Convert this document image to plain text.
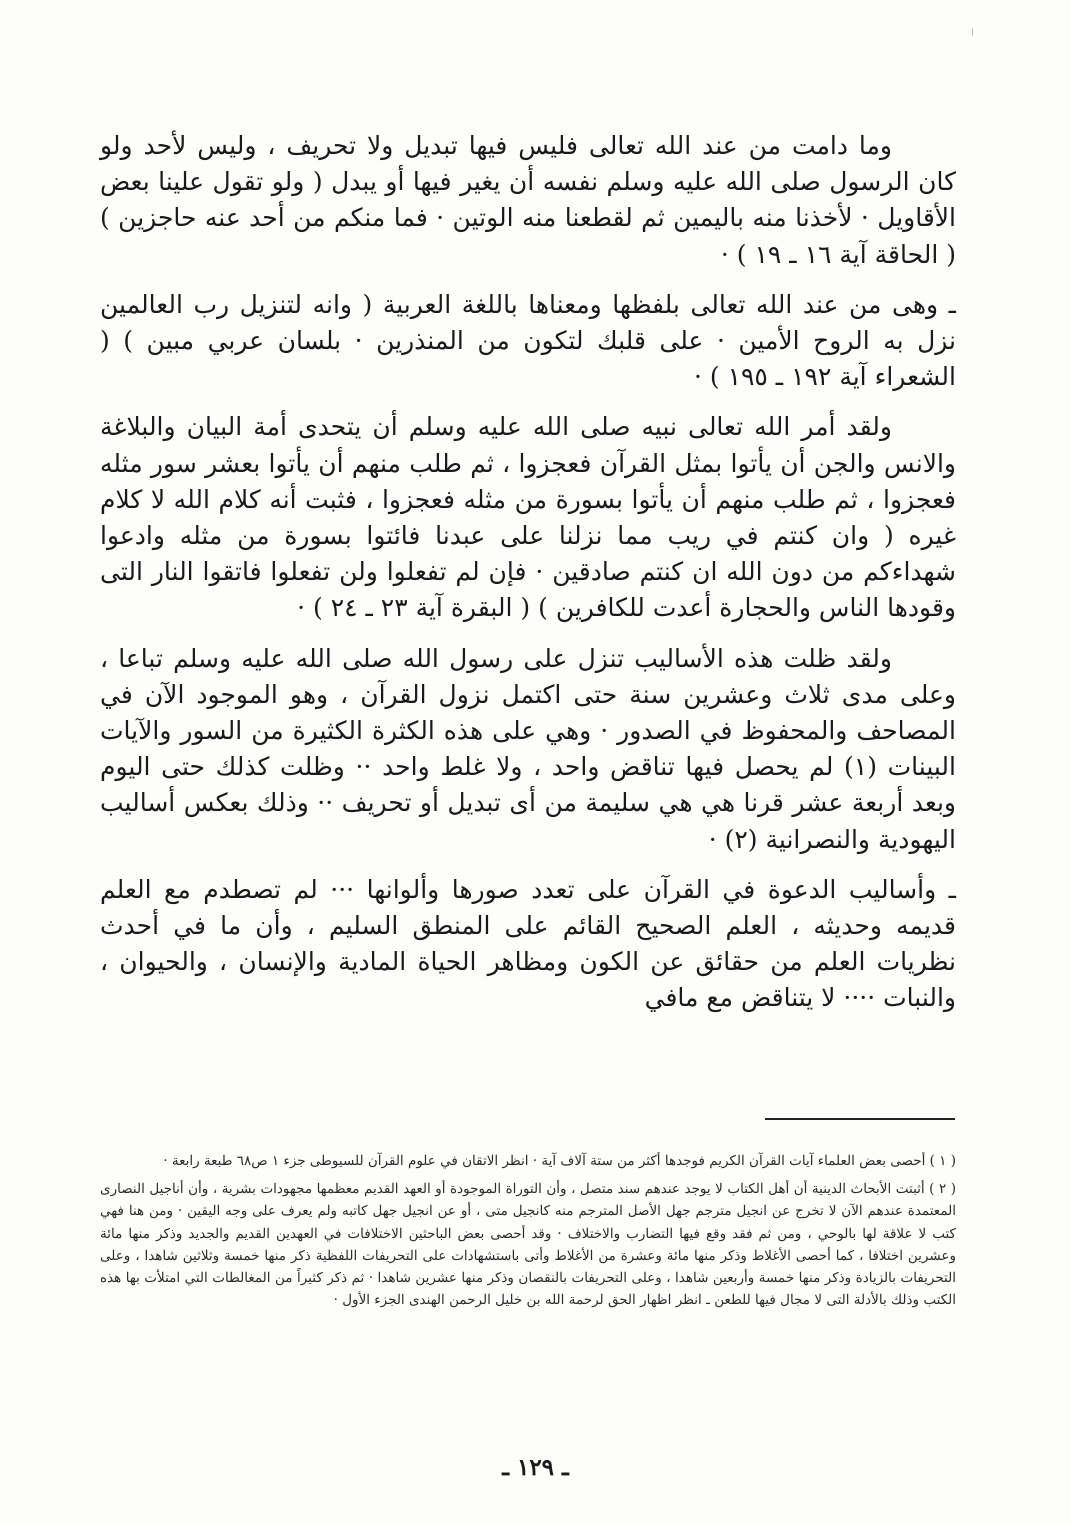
وما دامت من عند الله تعالى فليس فيها تبديل ولا تحريف ، وليس لأحد ولو كان الرسول صلى الله عليه وسلم نفسه أن يغير فيها أو يبدل ( ولو تقول علينا بعض الأقاويل · لأخذنا منه باليمين ثم لقطعنا منه الوتين · فما منكم من أحد عنه حاجزين ) ( الحاقة آية ١٦ ـ ١٩ ) ·

ـ وهى من عند الله تعالى بلفظها ومعناها باللغة العربية ( وانه لتنزيل رب العالمين نزل به الروح الأمين · على قلبك لتكون من المنذرين · بلسان عربي مبين ) ( الشعراء آية ١٩٢ ـ ١٩٥ ) ·

ولقد أمر الله تعالى نبيه صلى الله عليه وسلم أن يتحدى أمة البيان والبلاغة والانس والجن أن يأتوا بمثل القرآن فعجزوا ، ثم طلب منهم أن يأتوا بعشر سور مثله فعجزوا ، ثم طلب منهم أن يأتوا بسورة من مثله فعجزوا ، فثبت أنه كلام الله لا كلام غيره ( وان كنتم في ريب مما نزلنا على عبدنا فائتوا بسورة من مثله وادعوا شهداءكم من دون الله ان كنتم صادقين · فإن لم تفعلوا ولن تفعلوا فاتقوا النار التى وقودها الناس والحجارة أعدت للكافرين ) ( البقرة آية ٢٣ ـ ٢٤ ) ·

ولقد ظلت هذه الأساليب تنزل على رسول الله صلى الله عليه وسلم تباعا ، وعلى مدى ثلاث وعشرين سنة حتى اكتمل نزول القرآن ، وهو الموجود الآن في المصاحف والمحفوظ في الصدور · وهي على هذه الكثرة الكثيرة من السور والآيات البينات (١) لم يحصل فيها تناقض واحد ، ولا غلط واحد ·· وظلت كذلك حتى اليوم وبعد أربعة عشر قرنا هي هي سليمة من أى تبديل أو تحريف ·· وذلك بعكس أساليب اليهودية والنصرانية (٢) ·

ـ وأساليب الدعوة في القرآن على تعدد صورها وألوانها ··· لم تصطدم مع العلم قديمه وحديثه ، العلم الصحيح القائم على المنطق السليم ، وأن ما في أحدث نظريات العلم من حقائق عن الكون ومظاهر الحياة المادية والإنسان ، والحيوان ، والنبات ···· لا يتناقض مع مافي

( ١ ) أحصى بعض العلماء آيات القرآن الكريم فوجدها أكثر من ستة آلاف آية · انظر الاتقان في علوم القرآن للسيوطى جزء ١ ص٦٨ طبعة رابعة ·

( ٢ ) أثبتت الأبحاث الدينية أن أهل الكتاب لا يوجد عندهم سند متصل ، وأن التوراة الموجودة أو العهد القديم معظمها مجهودات بشرية ، وأن أناجيل النصارى المعتمدة عندهم الآن لا تخرج عن انجيل مترجم جهل الأصل المترجم منه كانجيل متى ، أو عن انجيل جهل كاتبه ولم يعرف على وجه اليقين · ومن هنا فهي كتب لا علاقة لها بالوحي ، ومن ثم فقد وقع فيها التضارب والاختلاف · وقد أحصى بعض الباحثين الاختلافات في العهدين القديم والجديد وذكر منها مائة وعشرين اختلافا ، كما أحصى الأغلاط وذكر منها مائة وعشرة من الأغلاط وأتى باستشهادات على التحريفات اللفظية ذكر منها خمسة وثلاثين شاهدا ، وعلى التحريفات بالزيادة وذكر منها خمسة وأربعين شاهدا ، وعلى التحريفات بالنقصان وذكر منها عشرين شاهدا · ثم ذكر كثيراً من المغالطات التي امتلأت بها هذه الكتب وذلك بالأدلة التى لا مجال فيها للطعن ـ انظر اظهار الحق لرحمة الله بن خليل الرحمن الهندى الجزء الأول ·

ـ ١٢٩ ـ
